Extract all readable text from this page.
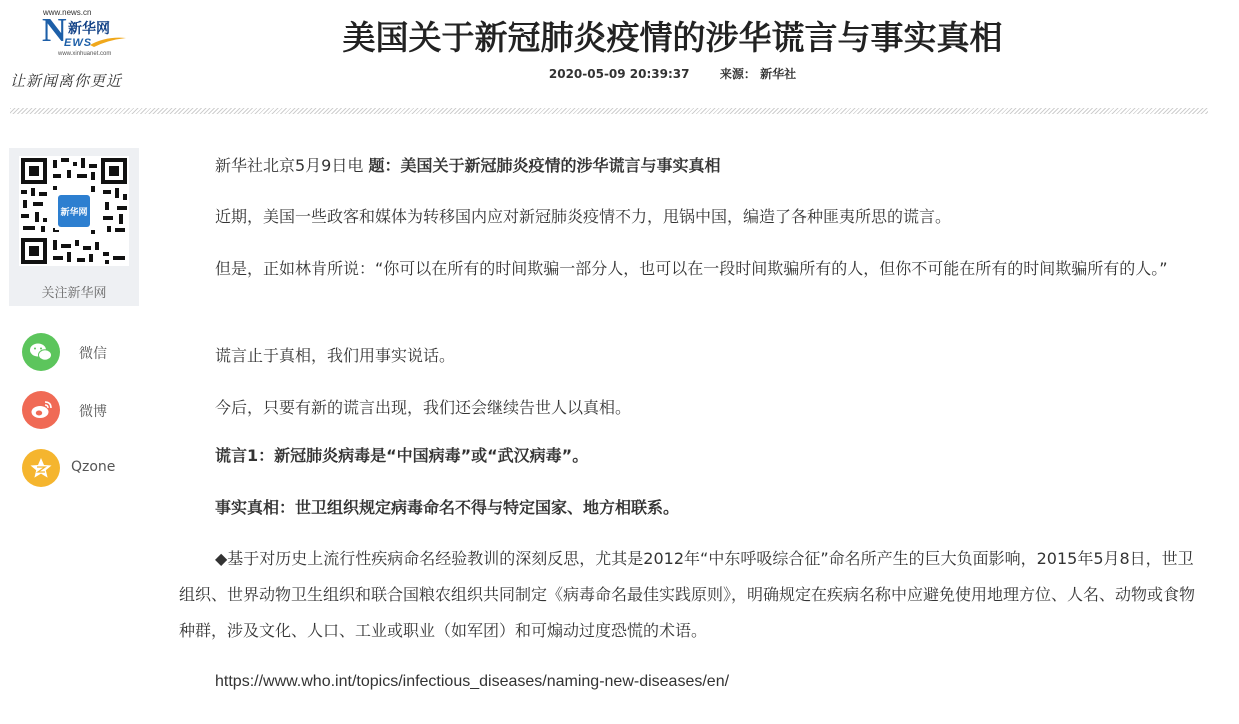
www.news.cn
N 新华网
EWS
www.xinhuanet.com
让新闻离你更近
美国关于新冠肺炎疫情的涉华谎言与事实真相
2020-05-09 20:39:37	来源： 新华社
新华网
关注新华网
微信
微博
Qzone
新华社北京5月9日电 题：美国关于新冠肺炎疫情的涉华谎言与事实真相
近期，美国一些政客和媒体为转移国内应对新冠肺炎疫情不力，甩锅中国，编造了各种匪夷所思的谎言。
但是，正如林肯所说：“你可以在所有的时间欺骗一部分人，也可以在一段时间欺骗所有的人，但你不可能在所有的时间欺骗所有的人。”
谎言止于真相，我们用事实说话。
今后，只要有新的谎言出现，我们还会继续告世人以真相。
谎言1：新冠肺炎病毒是“中国病毒”或“武汉病毒”。
事实真相：世卫组织规定病毒命名不得与特定国家、地方相联系。
◆基于对历史上流行性疾病命名经验教训的深刻反思，尤其是2012年“中东呼吸综合征”命名所产生的巨大负面影响，2015年5月8日，世卫组织、世界动物卫生组织和联合国粮农组织共同制定《病毒命名最佳实践原则》，明确规定在疾病名称中应避免使用地理方位、人名、动物或食物种群，涉及文化、人口、工业或职业（如军团）和可煽动过度恐慌的术语。
https://www.who.int/topics/infectious_diseases/naming-new-diseases/en/
